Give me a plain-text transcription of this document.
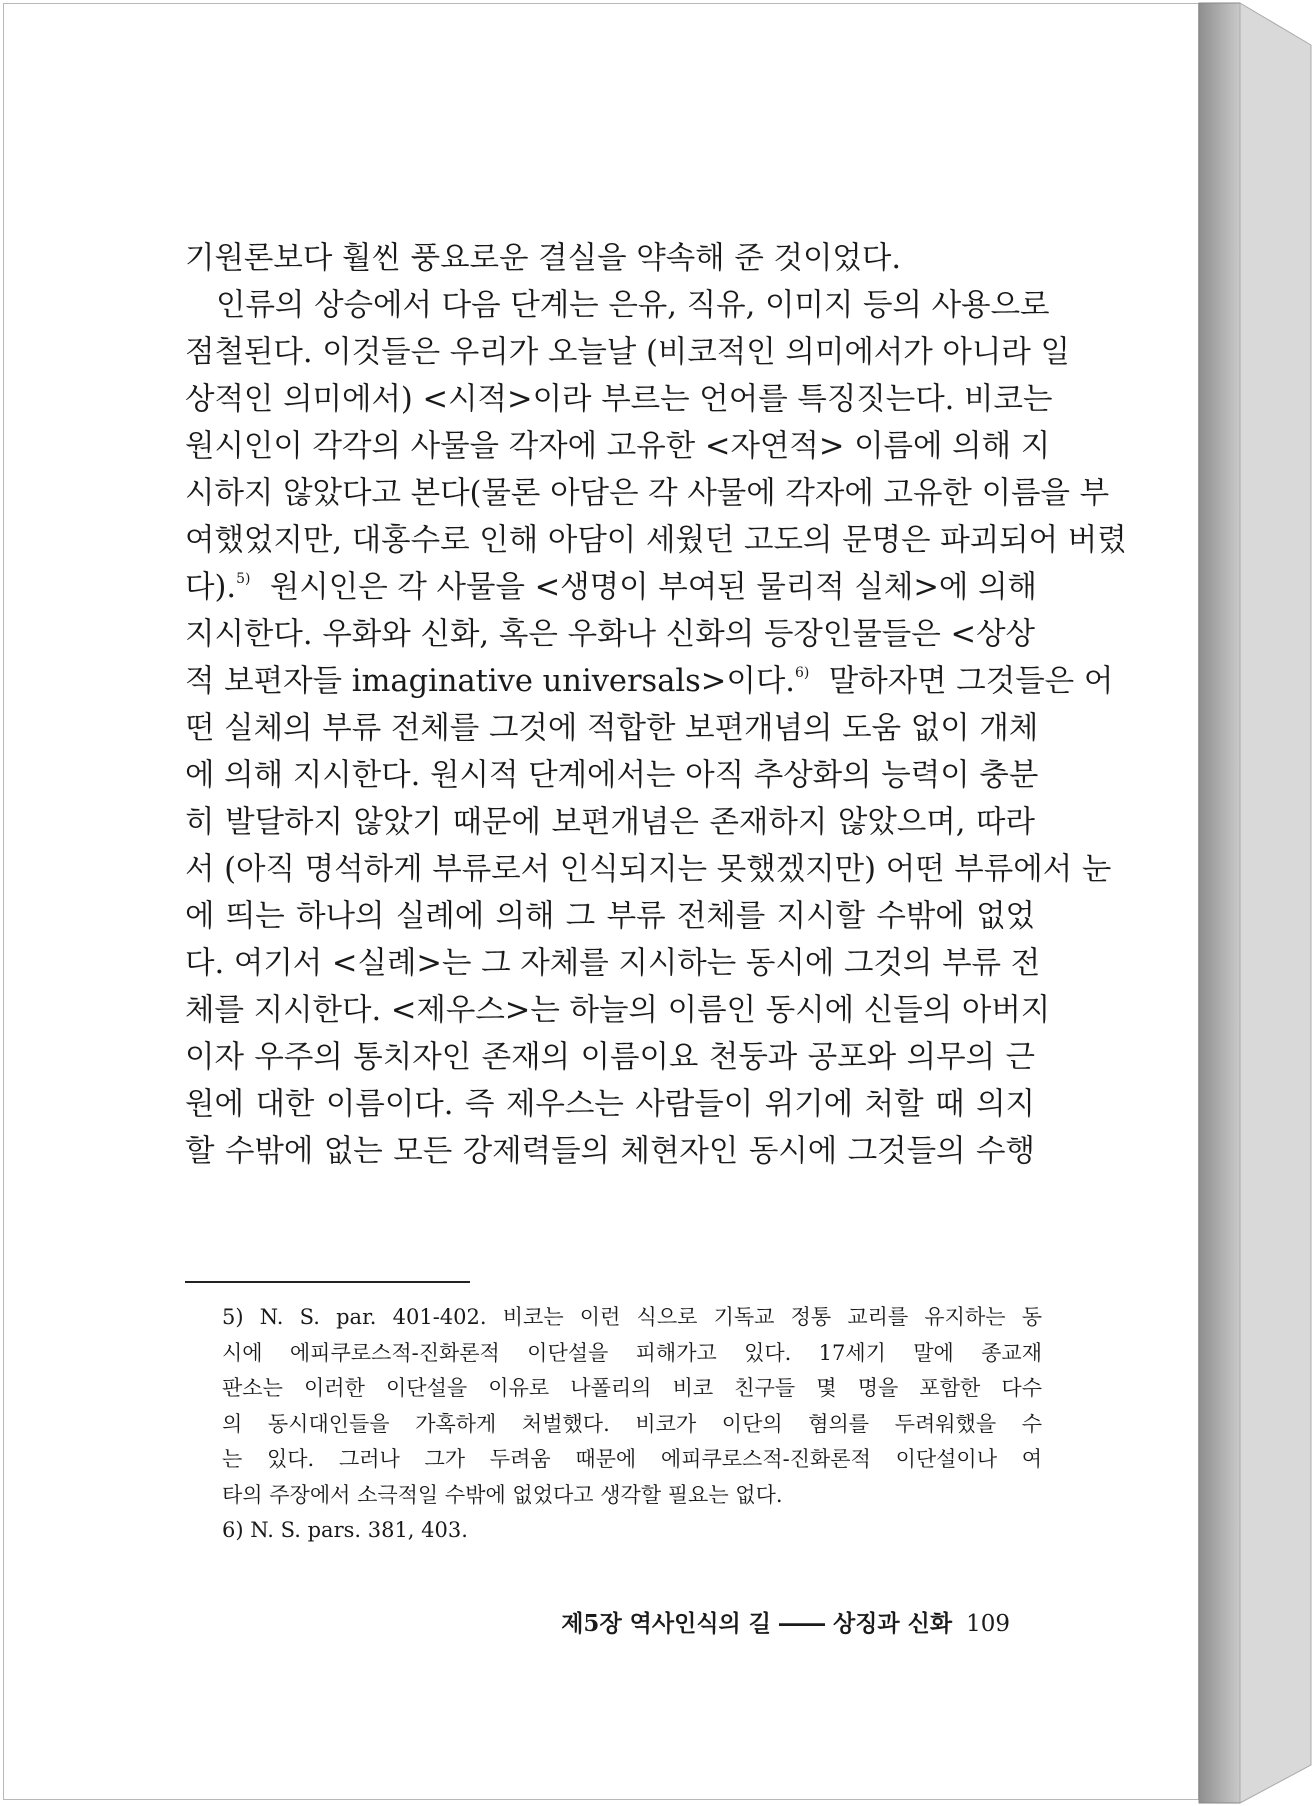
기원론보다 훨씬 풍요로운 결실을 약속해 준 것이었다.
인류의 상승에서 다음 단계는 은유, 직유, 이미지 등의 사용으로
점철된다. 이것들은 우리가 오늘날 (비코적인 의미에서가 아니라 일
상적인 의미에서) <시적>이라 부르는 언어를 특징짓는다. 비코는
원시인이 각각의 사물을 각자에 고유한 <자연적> 이름에 의해 지
시하지 않았다고 본다(물론 아담은 각 사물에 각자에 고유한 이름을 부
여했었지만, 대홍수로 인해 아담이 세웠던 고도의 문명은 파괴되어 버렸
다).$^{5)}$ 원시인은 각 사물을 <생명이 부여된 물리적 실체>에 의해
지시한다. 우화와 신화, 혹은 우화나 신화의 등장인물들은 <상상
적 보편자들 imaginative universals>이다.$^{6)}$ 말하자면 그것들은 어
떤 실체의 부류 전체를 그것에 적합한 보편개념의 도움 없이 개체
에 의해 지시한다. 원시적 단계에서는 아직 추상화의 능력이 충분
히 발달하지 않았기 때문에 보편개념은 존재하지 않았으며, 따라
서 (아직 명석하게 부류로서 인식되지는 못했겠지만) 어떤 부류에서 눈
에 띄는 하나의 실례에 의해 그 부류 전체를 지시할 수밖에 없었
다. 여기서 <실례>는 그 자체를 지시하는 동시에 그것의 부류 전
체를 지시한다. <제우스>는 하늘의 이름인 동시에 신들의 아버지
이자 우주의 통치자인 존재의 이름이요 천둥과 공포와 의무의 근
원에 대한 이름이다. 즉 제우스는 사람들이 위기에 처할 때 의지
할 수밖에 없는 모든 강제력들의 체현자인 동시에 그것들의 수행
5) N. S. par. 401-402. 비코는 이런 식으로 기독교 정통 교리를 유지하는 동
시에 에피쿠로스적-진화론적 이단설을 피해가고 있다. 17세기 말에 종교재
판소는 이러한 이단설을 이유로 나폴리의 비코 친구들 몇 명을 포함한 다수
의 동시대인들을 가혹하게 처벌했다. 비코가 이단의 혐의를 두려워했을 수
는 있다. 그러나 그가 두려움 때문에 에피쿠로스적-진화론적 이단설이나 여
타의 주장에서 소극적일 수밖에 없었다고 생각할 필요는 없다.
6) N. S. pars. 381, 403.
제5장 역사인식의 길 ―― 상징과 신화 109
